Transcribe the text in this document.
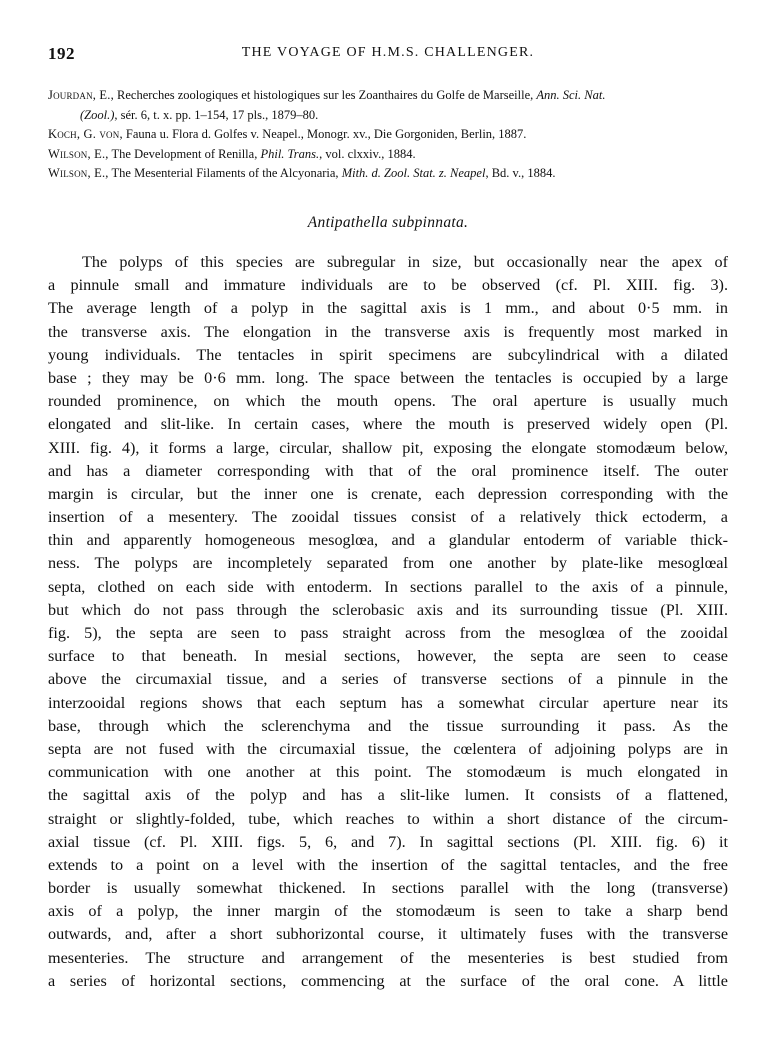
192	THE VOYAGE OF H.M.S. CHALLENGER.
Jourdan, E., Recherches zoologiques et histologiques sur les Zoanthaires du Golfe de Marseille, Ann. Sci. Nat.
(Zool.), sér. 6, t. x. pp. 1–154, 17 pls., 1879–80.
Koch, G. von, Fauna u. Flora d. Golfes v. Neapel., Monogr. xv., Die Gorgoniden, Berlin, 1887.
Wilson, E., The Development of Renilla, Phil. Trans., vol. clxxiv., 1884.
Wilson, E., The Mesenterial Filaments of the Alcyonaria, Mith. d. Zool. Stat. z. Neapel, Bd. v., 1884.
Antipathella subpinnata.
The polyps of this species are subregular in size, but occasionally near the apex of
a pinnule small and immature individuals are to be observed (cf. Pl. XIII. fig. 3).
The average length of a polyp in the sagittal axis is 1 mm., and about 0·5 mm. in
the transverse axis. The elongation in the transverse axis is frequently most marked in
young individuals. The tentacles in spirit specimens are subcylindrical with a dilated
base ; they may be 0·6 mm. long. The space between the tentacles is occupied by a large
rounded prominence, on which the mouth opens. The oral aperture is usually much
elongated and slit-like. In certain cases, where the mouth is preserved widely open (Pl.
XIII. fig. 4), it forms a large, circular, shallow pit, exposing the elongate stomodæum below,
and has a diameter corresponding with that of the oral prominence itself. The outer
margin is circular, but the inner one is crenate, each depression corresponding with the
insertion of a mesentery. The zooidal tissues consist of a relatively thick ectoderm, a
thin and apparently homogeneous mesoglœa, and a glandular entoderm of variable thick-
ness. The polyps are incompletely separated from one another by plate-like mesoglœal
septa, clothed on each side with entoderm. In sections parallel to the axis of a pinnule,
but which do not pass through the sclerobasic axis and its surrounding tissue (Pl. XIII.
fig. 5), the septa are seen to pass straight across from the mesoglœa of the zooidal
surface to that beneath. In mesial sections, however, the septa are seen to cease
above the circumaxial tissue, and a series of transverse sections of a pinnule in the
interzooidal regions shows that each septum has a somewhat circular aperture near its
base, through which the sclerenchyma and the tissue surrounding it pass. As the
septa are not fused with the circumaxial tissue, the cœlentera of adjoining polyps are in
communication with one another at this point. The stomodæum is much elongated in
the sagittal axis of the polyp and has a slit-like lumen. It consists of a flattened,
straight or slightly-folded, tube, which reaches to within a short distance of the circum-
axial tissue (cf. Pl. XIII. figs. 5, 6, and 7). In sagittal sections (Pl. XIII. fig. 6) it
extends to a point on a level with the insertion of the sagittal tentacles, and the free
border is usually somewhat thickened. In sections parallel with the long (transverse)
axis of a polyp, the inner margin of the stomodæum is seen to take a sharp bend
outwards, and, after a short subhorizontal course, it ultimately fuses with the transverse
mesenteries. The structure and arrangement of the mesenteries is best studied from
a series of horizontal sections, commencing at the surface of the oral cone. A little
